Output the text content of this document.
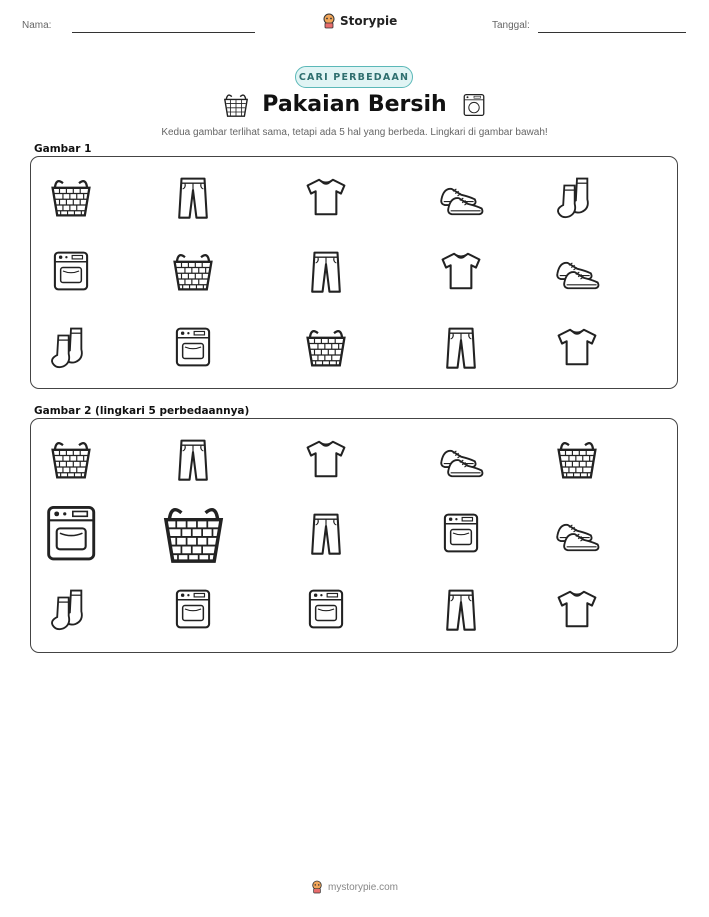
Nama:	Storypie	Tanggal:
CARI PERBEDAAN
Pakaian Bersih
Kedua gambar terlihat sama, tetapi ada 5 hal yang berbeda. Lingkari di gambar bawah!
Gambar 1
Gambar 2 (lingkari 5 perbedaannya)
mystorypie.com
